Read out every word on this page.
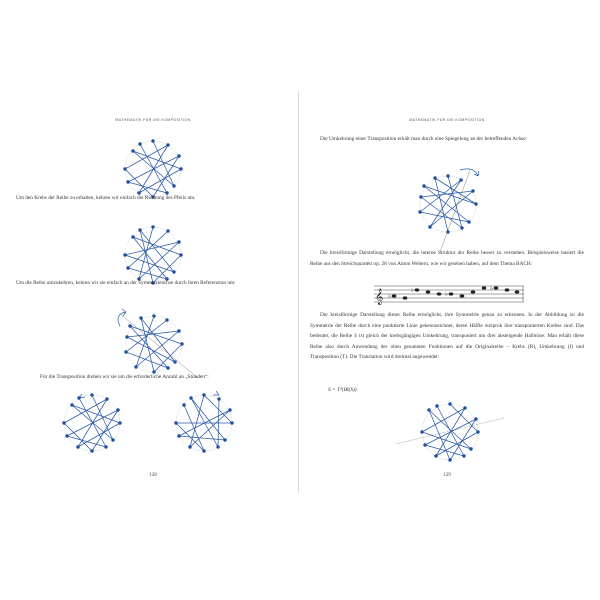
MATHEMATIK FÜR DIE KOMPOSITION

Um den Krebs der Reihe zu erhalten, kehren wir einfach die Richtung des Pfeils um.

Um die Reihe umzukehren, kehren wir sie einfach an der Symmetrieachse durch ihren Referenzton um:

Für die Transposition drehen wir sie um die erforderliche Anzahl an „Stunden“:

128
MATHEMATIK FÜR DIE KOMPOSITION

Die Umkehrung einer Transposition erhält man durch eine Spiegelung an der betreffenden Achse:

Die kreisförmige Darstellung ermöglicht, die interne Struktur der Reihe besser zu verstehen. Beispielsweise basiert die Reihe aus den Streichquartett op. 28 von Anton Webern, wie wir gesehen haben, auf dem Thema BACH:

𝄞 ♭
♭
♭
♭

Die kreisförmige Darstellung dieser Reihe ermöglicht, ihre Symmetrie genau zu erkennen. In der Abbildung ist die Symmetrie der Reihe durch eine punktierte Linie gekennzeichnet, deren Hälfte reziprok ihre transponierten Krebse sind. Das bedeutet, die Reihe S ist gleich der krebsgängigen Umkehrung, transponiert um drei absteigende Halbtöne. Man erhält diese Reihe also durch Anwendung der oben genannten Funktionen auf die Originalreihe – Krebs (R), Umkehrung (I) und Transposition (T). Die Translation wird dreimal angewendet:

S = T³(IR(S)).
129
